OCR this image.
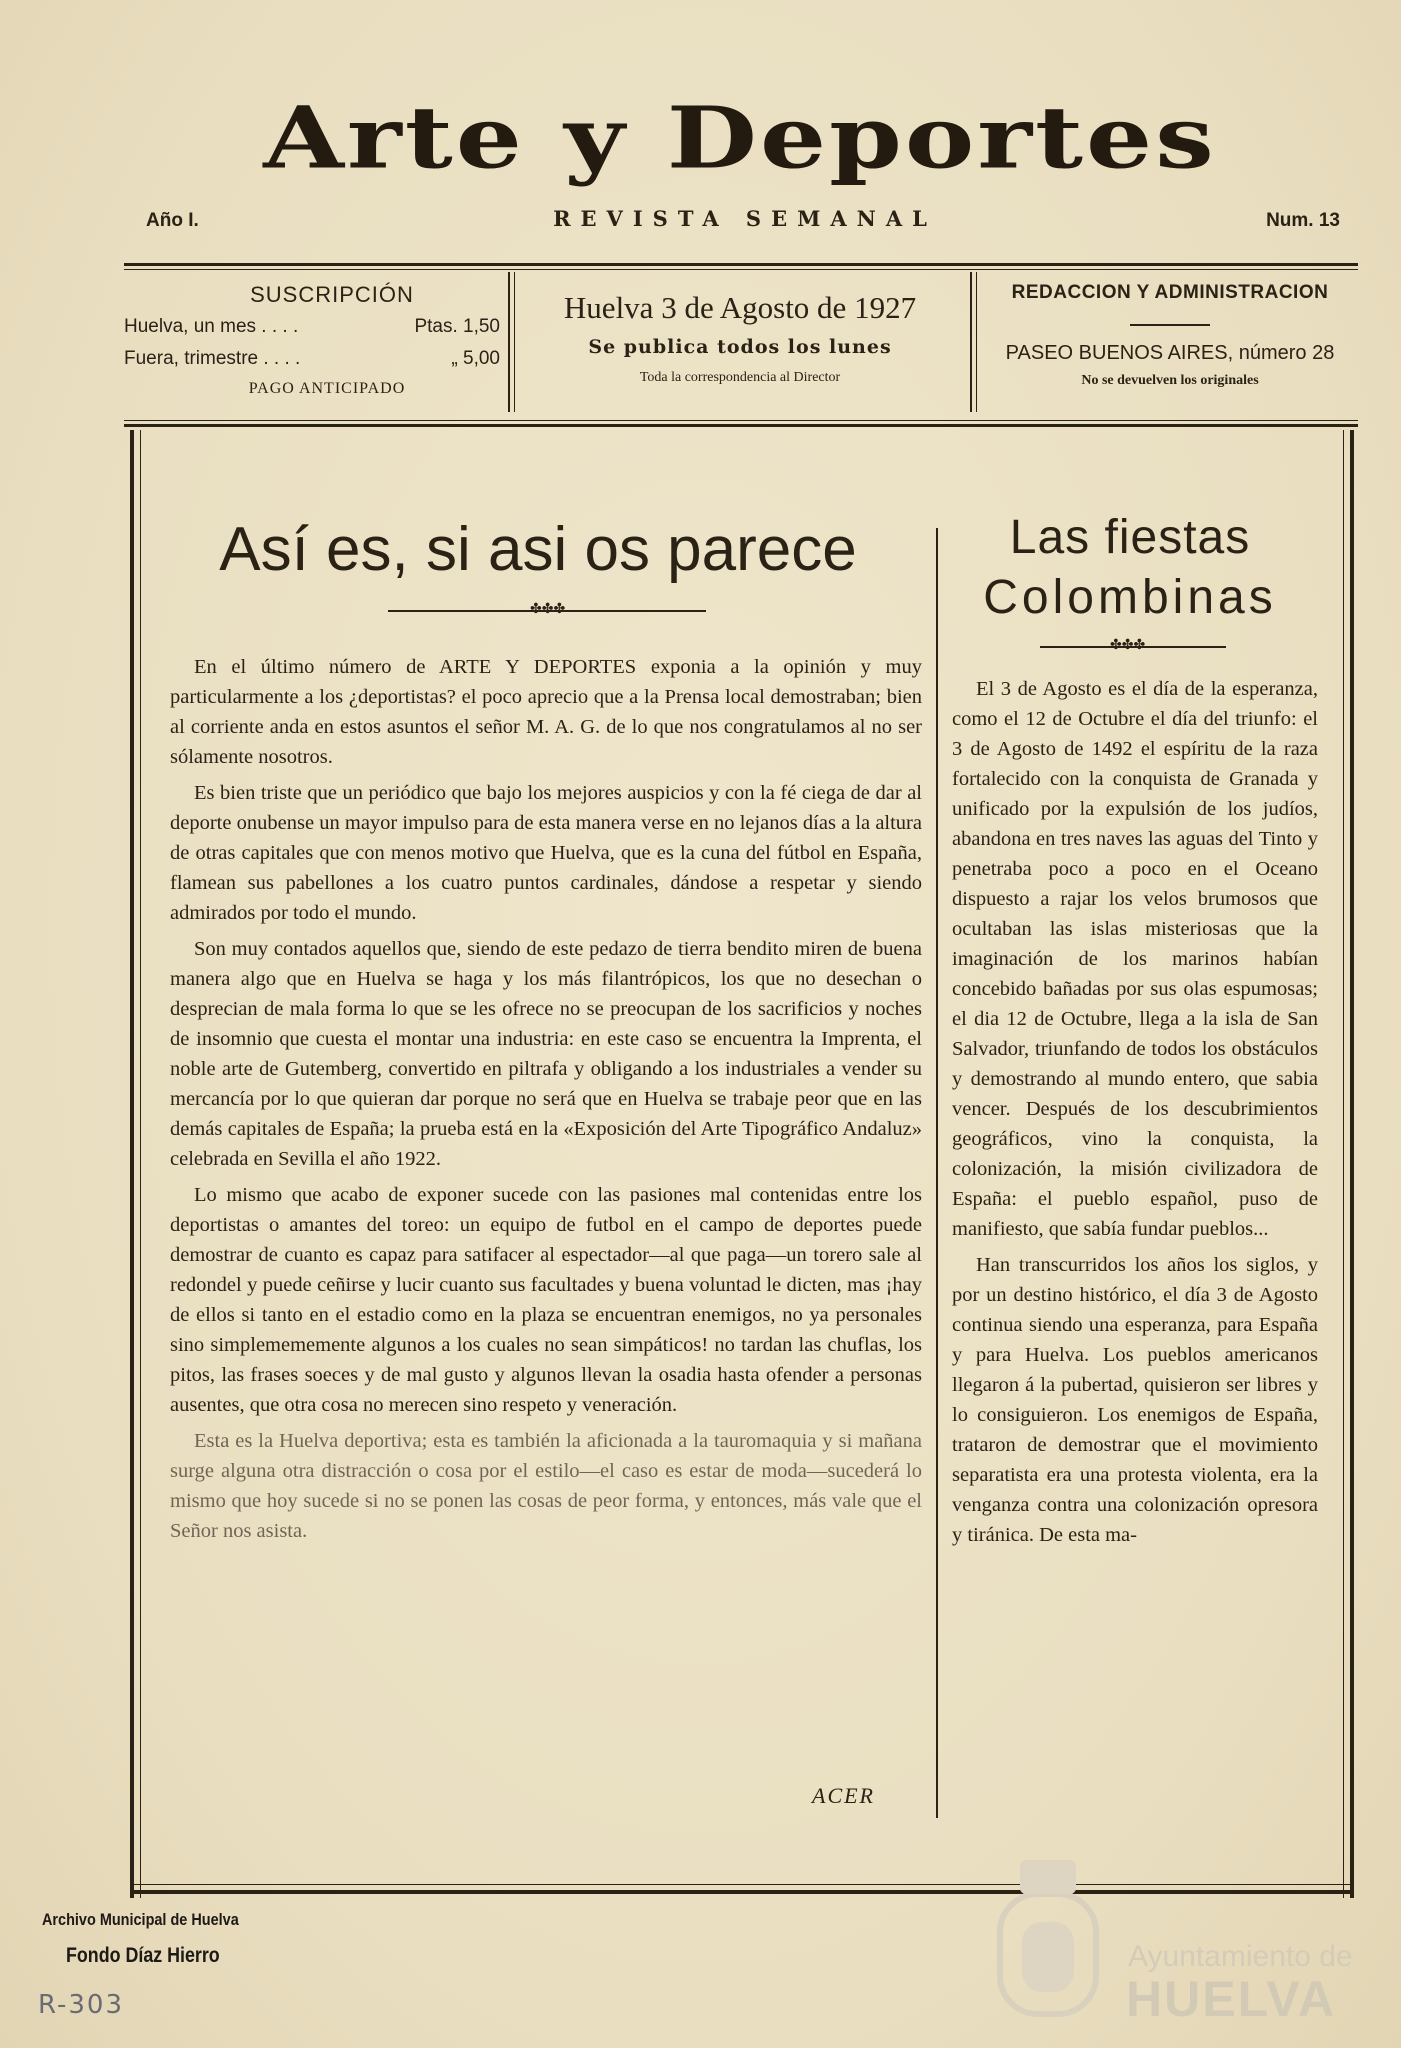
Arte y Deportes
Año I.	REVISTA SEMANAL	Num. 13
SUSCRIPCIÓN
Huelva, un mes . . . .	Ptas. 1,50
Fuera, trimestre . . . .	„ 5,00
PAGO ANTICIPADO
Huelva 3 de Agosto de 1927
Se publica todos los lunes
Toda la correspondencia al Director
REDACCION Y ADMINISTRACION
PASEO BUENOS AIRES, número 28
No se devuelven los originales
Así es, si asi os parece
✤✤✤

En el último número de ARTE Y DEPORTES exponia a la opinión y muy particularmente a los ¿deportistas? el poco aprecio que a la Prensa local demostraban; bien al corriente anda en estos asuntos el señor M. A. G. de lo que nos congratulamos al no ser sólamente nosotros.

Es bien triste que un periódico que bajo los mejores auspicios y con la fé ciega de dar al deporte onubense un mayor impulso para de esta manera verse en no lejanos días a la altura de otras capitales que con menos motivo que Huelva, que es la cuna del fútbol en España, flamean sus pabellones a los cuatro puntos cardinales, dándose a respetar y siendo admirados por todo el mundo.

Son muy contados aquellos que, siendo de este pedazo de tierra bendito miren de buena manera algo que en Huelva se haga y los más filantrópicos, los que no desechan o desprecian de mala forma lo que se les ofrece no se preocupan de los sacrificios y noches de insomnio que cuesta el montar una industria: en este caso se encuentra la Imprenta, el noble arte de Gutemberg, convertido en piltrafa y obligando a los industriales a vender su mercancía por lo que quieran dar porque no será que en Huelva se trabaje peor que en las demás capitales de España; la prueba está en la «Exposición del Arte Tipográfico Andaluz» celebrada en Sevilla el año 1922.

Lo mismo que acabo de exponer sucede con las pasiones mal contenidas entre los deportistas o amantes del toreo: un equipo de futbol en el campo de deportes puede demostrar de cuanto es capaz para satifacer al espectador—al que paga—un torero sale al redondel y puede ceñirse y lucir cuanto sus facultades y buena voluntad le dicten, mas ¡hay de ellos si tanto en el estadio como en la plaza se encuentran enemigos, no ya personales sino simplemememente algunos a los cuales no sean simpáticos! no tardan las chuflas, los pitos, las frases soeces y de mal gusto y algunos llevan la osadia hasta ofender a personas ausentes, que otra cosa no merecen sino respeto y veneración.

Esta es la Huelva deportiva; esta es también la aficionada a la tauromaquia y si mañana surge alguna otra distracción o cosa por el estilo—el caso es estar de moda—sucederá lo mismo que hoy sucede si no se ponen las cosas de peor forma, y entonces, más vale que el Señor nos asista.

ACER
Las fiestas
Colombinas
✤✤✤

El 3 de Agosto es el día de la esperanza, como el 12 de Octubre el día del triunfo: el 3 de Agosto de 1492 el espíritu de la raza fortalecido con la conquista de Granada y unificado por la expulsión de los judíos, abandona en tres naves las aguas del Tinto y penetraba poco a poco en el Oceano dispuesto a rajar los velos brumosos que ocultaban las islas misteriosas que la imaginación de los marinos habían concebido bañadas por sus olas espumosas; el dia 12 de Octubre, llega a la isla de San Salvador, triunfando de todos los obstáculos y demostrando al mundo entero, que sabia vencer. Después de los descubrimientos geográficos, vino la conquista, la colonización, la misión civilizadora de España: el pueblo español, puso de manifiesto, que sabía fundar pueblos...

Han transcurridos los años los siglos, y por un destino histórico, el día 3 de Agosto continua siendo una esperanza, para España y para Huelva. Los pueblos americanos llegaron á la pubertad, quisieron ser libres y lo consiguieron. Los enemigos de España, trataron de demostrar que el movimiento separatista era una protesta violenta, era la venganza contra una colonización opresora y tiránica. De esta ma-

Archivo Municipal de Huelva
Fondo Díaz Hierro
R-303
Ayuntamiento de
HUELVA
